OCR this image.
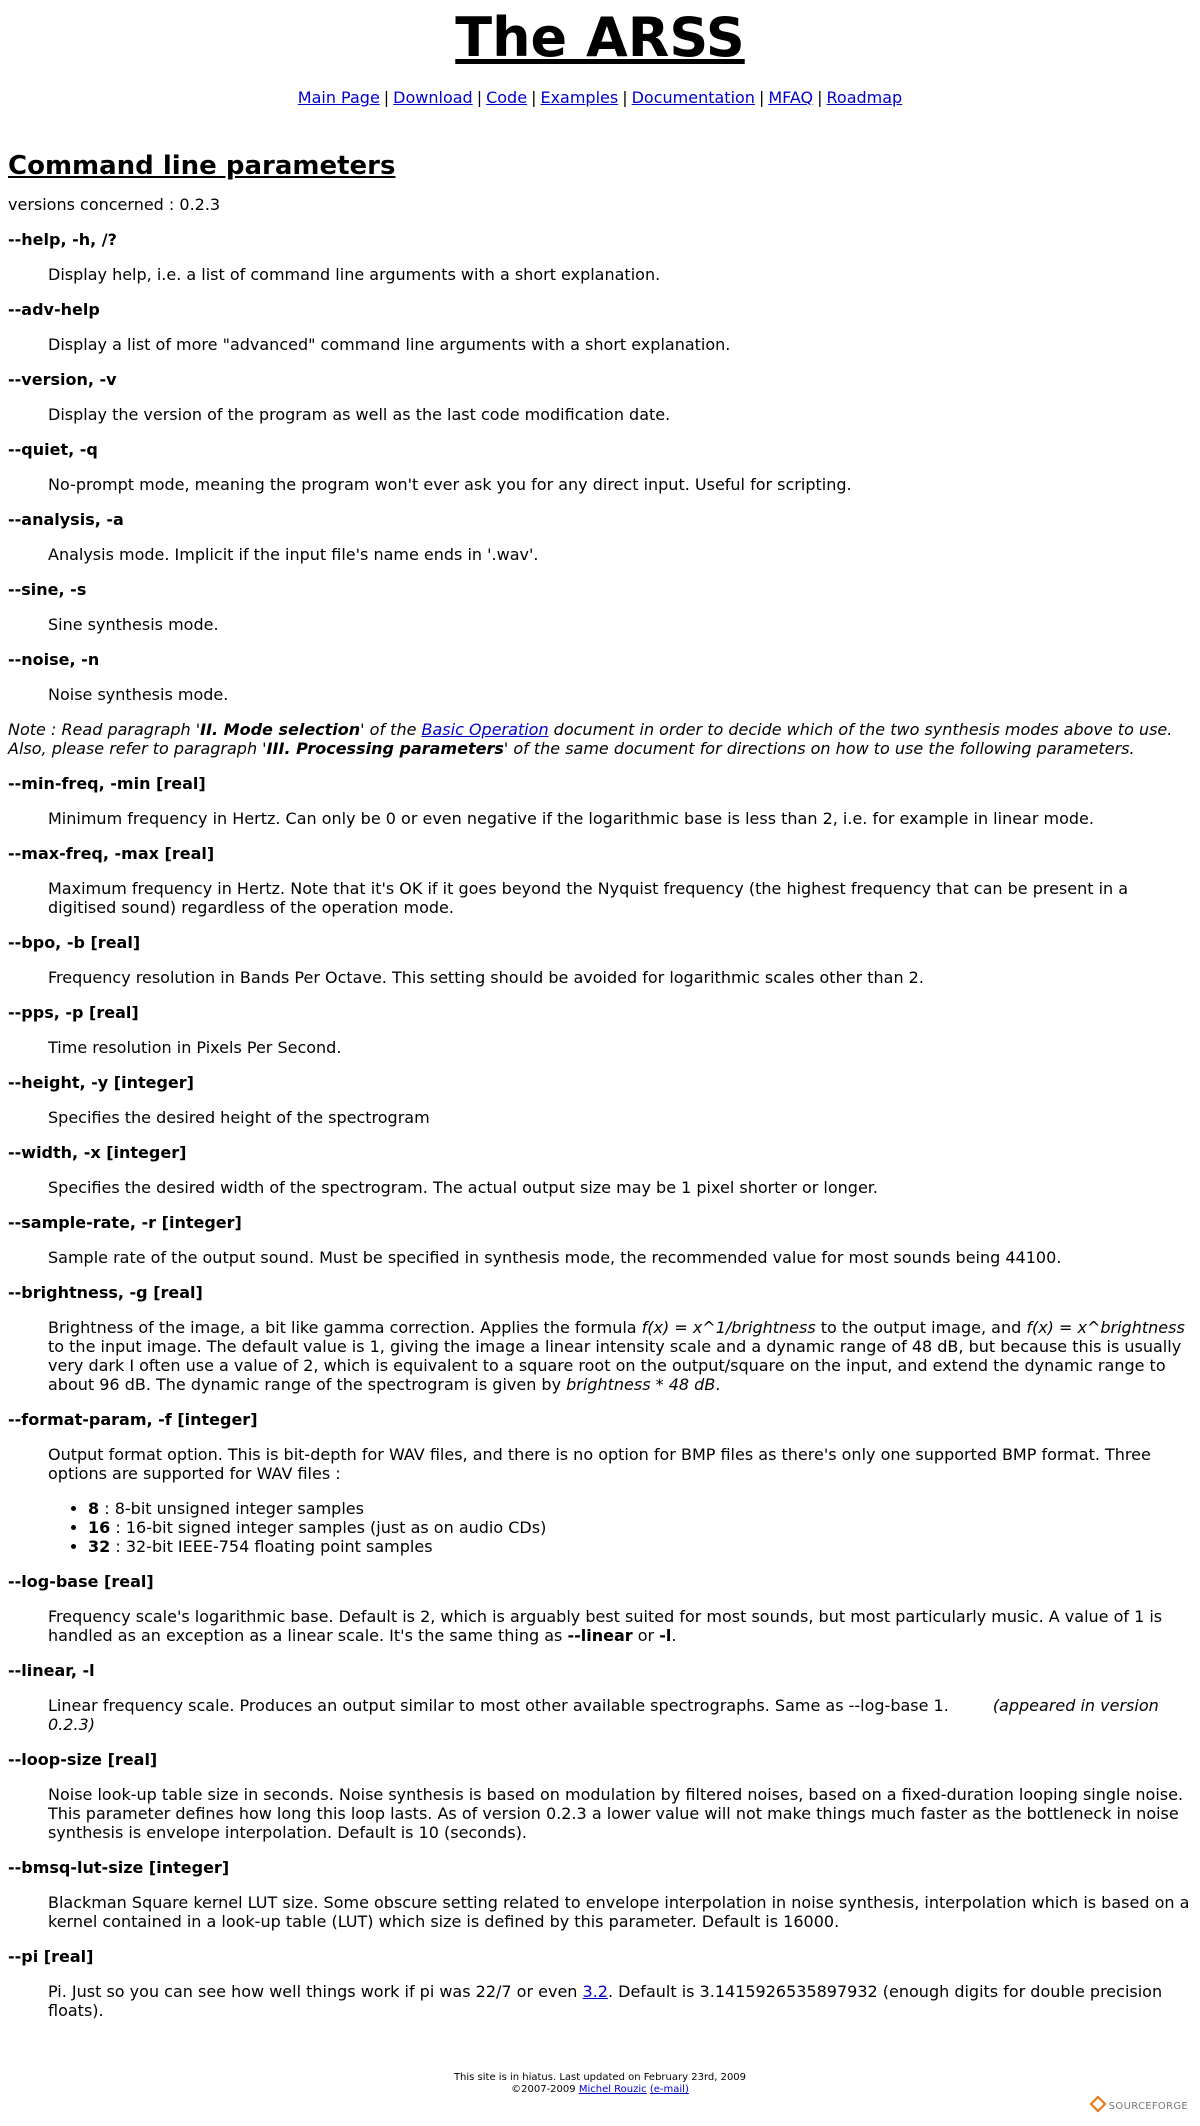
The ARSS
Main Page | Download | Code | Examples | Documentation | MFAQ | Roadmap
Command line parameters
versions concerned : 0.2.3
--help, -h, /?
Display help, i.e. a list of command line arguments with a short explanation.
--adv-help
Display a list of more "advanced" command line arguments with a short explanation.
--version, -v
Display the version of the program as well as the last code modification date.
--quiet, -q
No-prompt mode, meaning the program won't ever ask you for any direct input. Useful for scripting.
--analysis, -a
Analysis mode. Implicit if the input file's name ends in '.wav'.
--sine, -s
Sine synthesis mode.
--noise, -n
Noise synthesis mode.
Note : Read paragraph 'II. Mode selection' of the Basic Operation document in order to decide which of the two synthesis modes above to use.
Also, please refer to paragraph 'III. Processing parameters' of the same document for directions on how to use the following parameters.
--min-freq, -min [real]
Minimum frequency in Hertz. Can only be 0 or even negative if the logarithmic base is less than 2, i.e. for example in linear mode.
--max-freq, -max [real]
Maximum frequency in Hertz. Note that it's OK if it goes beyond the Nyquist frequency (the highest frequency that can be present in a digitised sound) regardless of the operation mode.
--bpo, -b [real]
Frequency resolution in Bands Per Octave. This setting should be avoided for logarithmic scales other than 2.
--pps, -p [real]
Time resolution in Pixels Per Second.
--height, -y [integer]
Specifies the desired height of the spectrogram
--width, -x [integer]
Specifies the desired width of the spectrogram. The actual output size may be 1 pixel shorter or longer.
--sample-rate, -r [integer]
Sample rate of the output sound. Must be specified in synthesis mode, the recommended value for most sounds being 44100.
--brightness, -g [real]
Brightness of the image, a bit like gamma correction. Applies the formula f(x) = x^1/brightness to the output image, and f(x) = x^brightness to the input image. The default value is 1, giving the image a linear intensity scale and a dynamic range of 48 dB, but because this is usually very dark I often use a value of 2, which is equivalent to a square root on the output/square on the input, and extend the dynamic range to about 96 dB. The dynamic range of the spectrogram is given by brightness * 48 dB.
--format-param, -f [integer]
Output format option. This is bit-depth for WAV files, and there is no option for BMP files as there's only one supported BMP format. Three options are supported for WAV files :
• 8 : 8-bit unsigned integer samples
• 16 : 16-bit signed integer samples (just as on audio CDs)
• 32 : 32-bit IEEE-754 floating point samples
--log-base [real]
Frequency scale's logarithmic base. Default is 2, which is arguably best suited for most sounds, but most particularly music. A value of 1 is handled as an exception as a linear scale. It's the same thing as --linear or -l.
--linear, -l
Linear frequency scale. Produces an output similar to most other available spectrographs. Same as --log-base 1.	(appeared in version 0.2.3)
--loop-size [real]
Noise look-up table size in seconds. Noise synthesis is based on modulation by filtered noises, based on a fixed-duration looping single noise. This parameter defines how long this loop lasts. As of version 0.2.3 a lower value will not make things much faster as the bottleneck in noise synthesis is envelope interpolation. Default is 10 (seconds).
--bmsq-lut-size [integer]
Blackman Square kernel LUT size. Some obscure setting related to envelope interpolation in noise synthesis, interpolation which is based on a kernel contained in a look-up table (LUT) which size is defined by this parameter. Default is 16000.
--pi [real]
Pi. Just so you can see how well things work if pi was 22/7 or even 3.2. Default is 3.1415926535897932 (enough digits for double precision floats).
This site is in hiatus. Last updated on February 23rd, 2009
©2007-2009 Michel Rouzic (e-mail)
SOURCEFORGE
